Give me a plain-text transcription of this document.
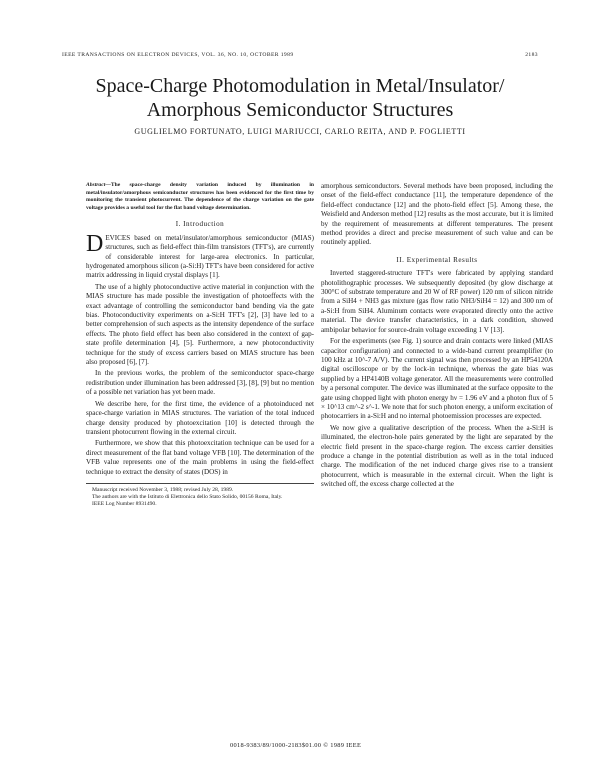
IEEE TRANSACTIONS ON ELECTRON DEVICES, VOL. 36, NO. 10, OCTOBER 1989	2183
Space-Charge Photomodulation in Metal/Insulator/
Amorphous Semiconductor Structures
GUGLIELMO FORTUNATO, LUIGI MARIUCCI, CARLO REITA, AND P. FOGLIETTI
Abstract—The space-charge density variation induced by illumination in metal/insulator/amorphous semiconductor structures has been evidenced for the first time by monitoring the transient photocurrent. The dependence of the charge variation on the gate voltage provides a useful tool for the flat band voltage determination.
I. Introduction

DEVICES based on metal/insulator/amorphous semiconductor (MIAS) structures, such as field-effect thin-film transistors (TFT's), are currently of considerable interest for large-area electronics. In particular, hydrogenated amorphous silicon (a-Si:H) TFT's have been considered for active matrix addressing in liquid crystal displays [1].

The use of a highly photoconductive active material in conjunction with the MIAS structure has made possible the investigation of photoeffects with the exact advantage of controlling the semiconductor band bending via the gate bias. Photoconductivity experiments on a-Si:H TFT's [2], [3] have led to a better comprehension of such aspects as the intensity dependence of the surface effects. The photo field effect has been also considered in the context of gap-state profile determination [4], [5]. Furthermore, a new photoconductivity technique for the study of excess carriers based on MIAS structure has been also proposed [6], [7].

In the previous works, the problem of the semiconductor space-charge redistribution under illumination has been addressed [3], [8], [9] but no mention of a possible net variation has yet been made.

We describe here, for the first time, the evidence of a photoinduced net space-charge variation in MIAS structures. The variation of the total induced charge density produced by photoexcitation [10] is detected through the transient photocurrent flowing in the external circuit.

Furthermore, we show that this photoexcitation technique can be used for a direct measurement of the flat band voltage VFB [10]. The determination of the VFB value represents one of the main problems in using the field-effect technique to extract the density of states (DOS) in

Manuscript received November 3, 1988; revised July 28, 1989.
The authors are with the Istituto di Elettronica dello Stato Solido, 00156 Roma, Italy.
IEEE Log Number 8931490.

amorphous semiconductors. Several methods have been proposed, including the onset of the field-effect conductance [11], the temperature dependence of the field-effect conductance [12] and the photo-field effect [5]. Among these, the Weisfield and Anderson method [12] results as the most accurate, but it is limited by the requirement of measurements at different temperatures. The present method provides a direct and precise measurement of such value and can be routinely applied.

II. Experimental Results

Inverted staggered-structure TFT's were fabricated by applying standard photolithographic processes. We subsequently deposited (by glow discharge at 300°C of substrate temperature and 20 W of RF power) 120 nm of silicon nitride from a SiH4 + NH3 gas mixture (gas flow ratio NH3/SiH4 = 12) and 300 nm of a-Si:H from SiH4. Aluminum contacts were evaporated directly onto the active material. The device transfer characteristics, in a dark condition, showed ambipolar behavior for source-drain voltage exceeding 1 V [13].

For the experiments (see Fig. 1) source and drain contacts were linked (MIAS capacitor configuration) and connected to a wide-band current preamplifier (to 100 kHz at 10^-7 A/V). The current signal was then processed by an HP54120A digital oscilloscope or by the lock-in technique, whereas the gate bias was supplied by a HP4140B voltage generator. All the measurements were controlled by a personal computer. The device was illuminated at the surface opposite to the gate using chopped light with photon energy hν = 1.96 eV and a photon flux of 5 × 10^13 cm^-2 s^-1. We note that for such photon energy, a uniform excitation of photocarriers in a-Si:H and no internal photoemission processes are expected.

We now give a qualitative description of the process. When the a-Si:H is illuminated, the electron-hole pairs generated by the light are separated by the electric field present in the space-charge region. The excess carrier densities produce a change in the potential distribution as well as in the total induced charge. The modification of the net induced charge gives rise to a transient photocurrent, which is measurable in the external circuit. When the light is switched off, the excess charge collected at the

0018-9383/89/1000-2183$01.00 © 1989 IEEE
